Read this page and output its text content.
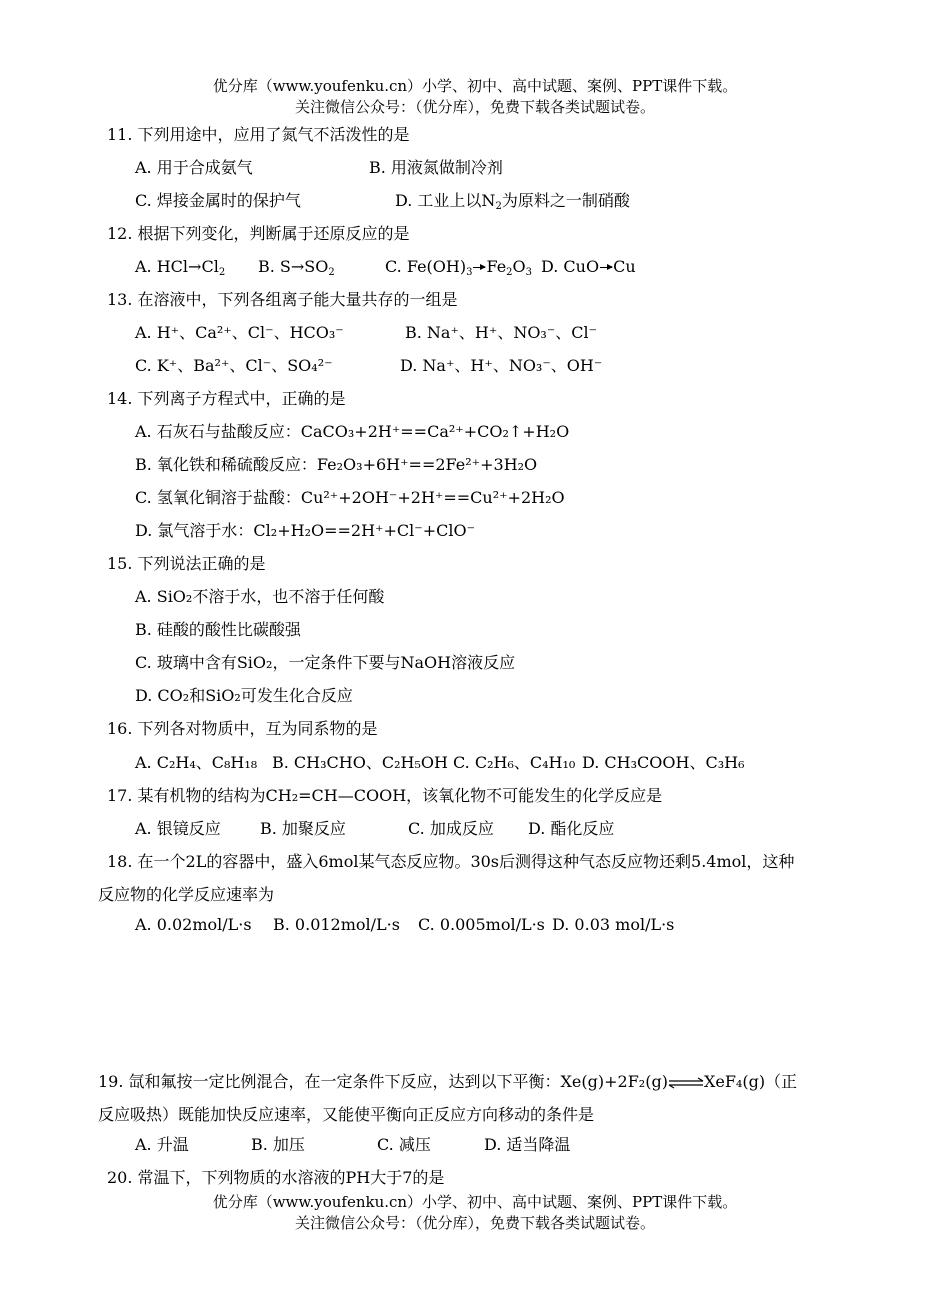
优分库（www.youfenku.cn）小学、初中、高中试题、案例、PPT课件下载。
关注微信公众号：（优分库），免费下载各类试题试卷。
11. 下列用途中，应用了氮气不活泼性的是
A. 用于合成氨气	B. 用液氮做制冷剂
C. 焊接金属时的保护气	D. 工业上以$N_2$为原料之一制硝酸
12. 根据下列变化，判断属于还原反应的是
A. $HCl\to Cl_2$ B. $S\to SO_2$	C. $Fe(OH)_3$ $Fe_2O_3$ D. CuO Cu
13. 在溶液中，下列各组离子能大量共存的一组是
A. H⁺、Ca²⁺、Cl⁻、HCO₃⁻	B. Na⁺、H⁺、NO₃⁻、Cl⁻
C. K⁺、Ba²⁺、Cl⁻、SO₄²⁻	D. Na⁺、H⁺、NO₃⁻、OH⁻
14. 下列离子方程式中，正确的是
A. 石灰石与盐酸反应：CaCO₃+2H⁺==Ca²⁺+CO₂↑+H₂O
B. 氧化铁和稀硫酸反应：Fe₂O₃+6H⁺==2Fe²⁺+3H₂O
C. 氢氧化铜溶于盐酸：Cu²⁺+2OH⁻+2H⁺==Cu²⁺+2H₂O
D. 氯气溶于水：Cl₂+H₂O==2H⁺+Cl⁻+ClO⁻
15. 下列说法正确的是
A. SiO₂不溶于水，也不溶于任何酸
B. 硅酸的酸性比碳酸强
C. 玻璃中含有SiO₂，一定条件下要与NaOH溶液反应
D. CO₂和SiO₂可发生化合反应
16. 下列各对物质中，互为同系物的是
A. C₂H₄、C₈H₁₈ B. CH₃CHO、C₂H₅OH C. C₂H₆、C₄H₁₀ D. CH₃COOH、C₃H₆
17. 某有机物的结构为CH₂=CH—COOH，该氧化物不可能发生的化学反应是
A. 银镜反应 B. 加聚反应	C. 加成反应 D. 酯化反应
18. 在一个2L的容器中，盛入6mol某气态反应物。30s后测得这种气态反应物还剩5.4mol，这种
反应物的化学反应速率为
A. 0.02mol/L·s B. 0.012mol/L·s C. 0.005mol/L·s D. 0.03 mol/L·s
19. 氙和氟按一定比例混合，在一定条件下反应，达到以下平衡：Xe(g)+2F₂(g)⇌XeF₄(g)（正
反应吸热）既能加快反应速率，又能使平衡向正反应方向移动的条件是
A. 升温	B. 加压	C. 减压	D. 适当降温
20. 常温下，下列物质的水溶液的PH大于7的是
优分库（www.youfenku.cn）小学、初中、高中试题、案例、PPT课件下载。
关注微信公众号：（优分库），免费下载各类试题试卷。
